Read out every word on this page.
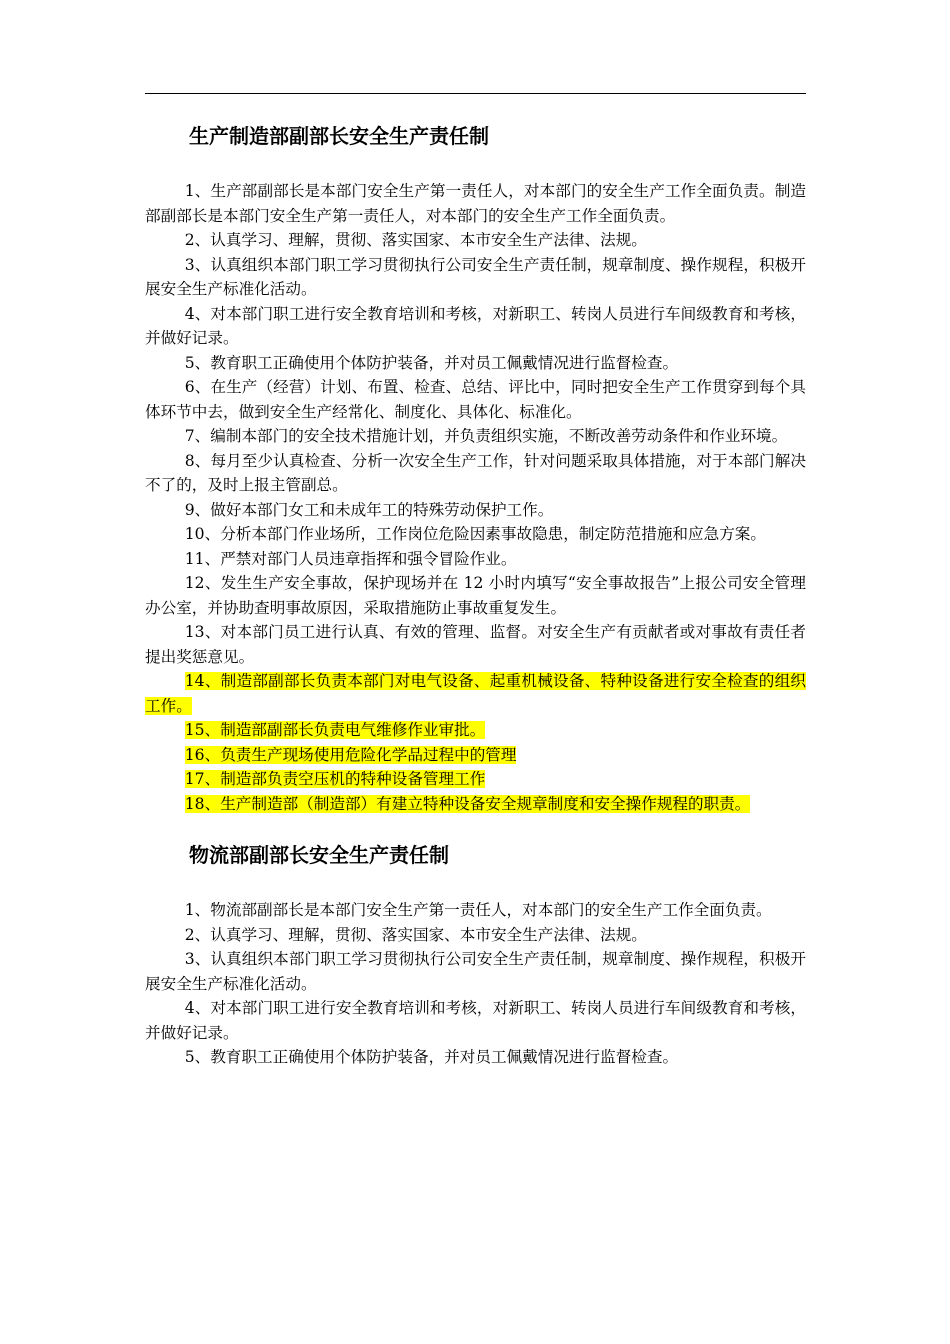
生产制造部副部长安全生产责任制

1、生产部副部长是本部门安全生产第一责任人，对本部门的安全生产工作全面负责。制造部副部长是本部门安全生产第一责任人，对本部门的安全生产工作全面负责。

2、认真学习、理解，贯彻、落实国家、本市安全生产法律、法规。

3、认真组织本部门职工学习贯彻执行公司安全生产责任制，规章制度、操作规程，积极开展安全生产标准化活动。

4、对本部门职工进行安全教育培训和考核，对新职工、转岗人员进行车间级教育和考核，并做好记录。

5、教育职工正确使用个体防护装备，并对员工佩戴情况进行监督检查。

6、在生产（经营）计划、布置、检查、总结、评比中，同时把安全生产工作贯穿到每个具体环节中去，做到安全生产经常化、制度化、具体化、标准化。

7、编制本部门的安全技术措施计划，并负责组织实施，不断改善劳动条件和作业环境。

8、每月至少认真检查、分析一次安全生产工作，针对问题采取具体措施，对于本部门解决不了的，及时上报主管副总。

9、做好本部门女工和未成年工的特殊劳动保护工作。

10、分析本部门作业场所，工作岗位危险因素事故隐患，制定防范措施和应急方案。

11、严禁对部门人员违章指挥和强令冒险作业。

12、发生生产安全事故，保护现场并在 12 小时内填写“安全事故报告”上报公司安全管理办公室，并协助查明事故原因，采取措施防止事故重复发生。

13、对本部门员工进行认真、有效的管理、监督。对安全生产有贡献者或对事故有责任者提出奖惩意见。

14、制造部副部长负责本部门对电气设备、起重机械设备、特种设备进行安全检查的组织工作。

15、制造部副部长负责电气维修作业审批。

16、负责生产现场使用危险化学品过程中的管理

17、制造部负责空压机的特种设备管理工作

18、生产制造部（制造部）有建立特种设备安全规章制度和安全操作规程的职责。

物流部副部长安全生产责任制

1、物流部副部长是本部门安全生产第一责任人，对本部门的安全生产工作全面负责。

2、认真学习、理解，贯彻、落实国家、本市安全生产法律、法规。

3、认真组织本部门职工学习贯彻执行公司安全生产责任制，规章制度、操作规程，积极开展安全生产标准化活动。

4、对本部门职工进行安全教育培训和考核，对新职工、转岗人员进行车间级教育和考核，并做好记录。

5、教育职工正确使用个体防护装备，并对员工佩戴情况进行监督检查。
